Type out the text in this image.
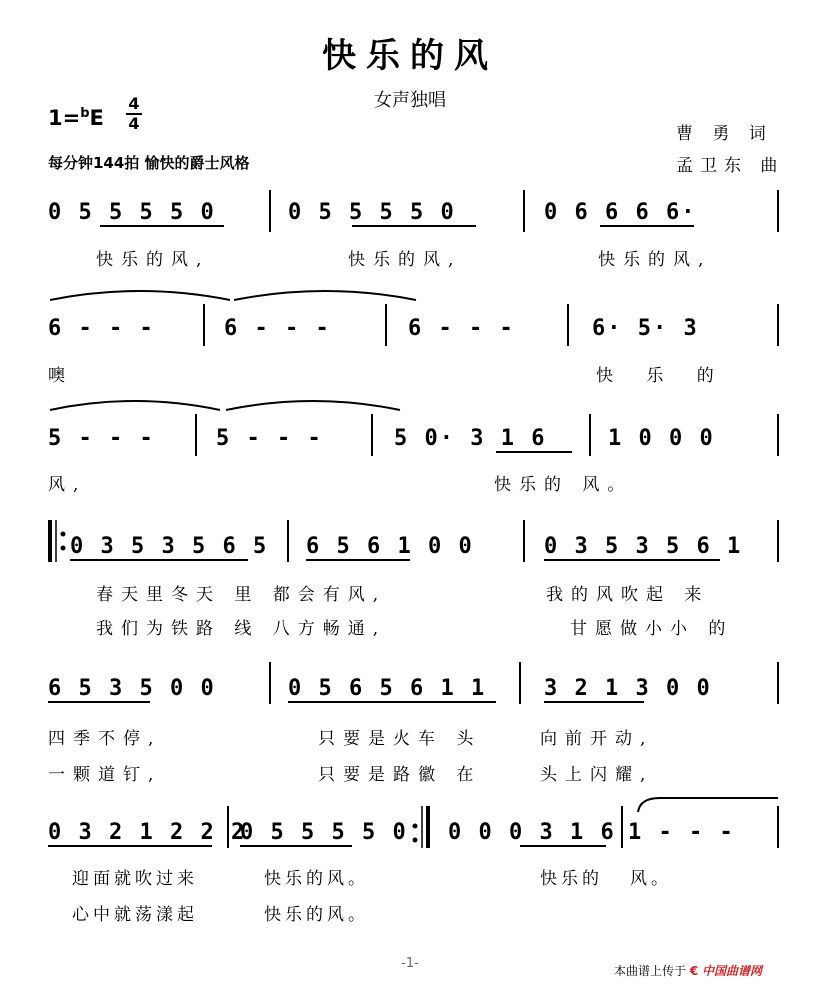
快乐的风
女声独唱
1=$^b$E
4
4
每分钟144拍 愉快的爵士风格
曹 勇 词
孟卫东 曲
0 5 5 5 5 0	0 5 5 5 5 0	0 6 6 6 6·
快乐的风,	快乐的风,	快乐的风,
6 - - -	6 - - -	6 - - -	6· 5· 3
噢	快 乐 的
5 - - -	5 - - -	5 0· 3 1 6	1 0 0 0
风,	快乐的 风。
0 3 5 3 5 6 5 6 5 6 1 0 0	0 3 5 3 5 6 1
春天里冬天 里 都会有风,	我的风吹起 来
我们为铁路 线 八方畅通,	甘愿做小小 的
6 5 3 5 0 0	0 5 6 5 6 1 1	3 2 1 3 0 0
四季不停,	只要是火车 头	向前开动,
一颗道钉,	只要是路徽 在	头上闪耀,
0 3 2 1 2 2 2
0 5 5 5 5 0 0 0 0 3 1 6 1 - - -
迎面就吹过来	快乐的风。	快乐的 风。
心中就荡漾起	快乐的风。
-1-	本曲谱上传于 € 中国曲谱网
